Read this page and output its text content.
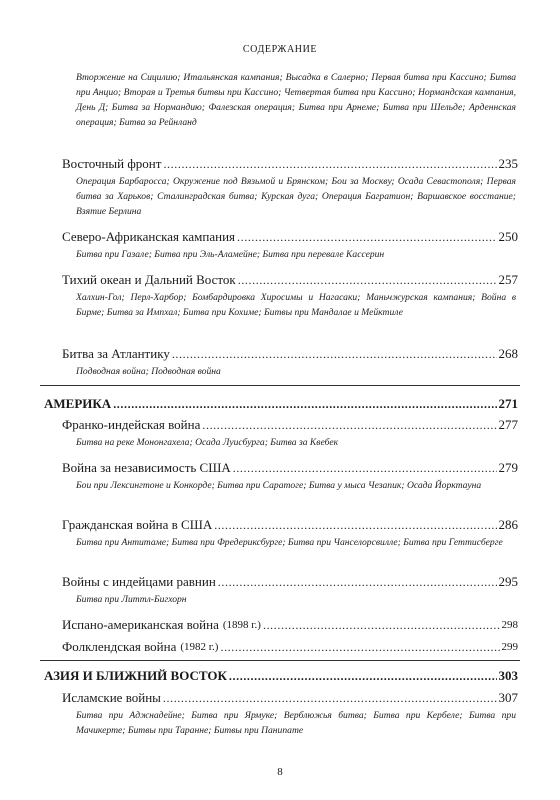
СОДЕРЖАНИЕ
Вторжение на Сицилию; Итальянская кампания; Высадка в Салерно; Первая битва при Кассино; Битва при Анцио; Вторая и Третья битвы при Кассино; Четвертая битва при Кассино; Нормандская кампания, День Д; Битва за Нормандию; Фалезская операция; Битва при Арнеме; Битва при Шельде; Арденнская операция; Битва за Рейнланд
Восточный фронт . . .	235
Операция Барбаросса; Окружение под Вязьмой и Брянском; Бои за Москву; Осада Севастополя; Первая битва за Харьков; Сталинградская битва; Курская дуга; Операция Багратион; Варшавское восстание; Взятие Берлина
Северо-Африканская кампания . . .	250
Битва при Газале; Битва при Эль-Аламейне; Битва при перевале Кассерин
Тихий океан и Дальний Восток . . .	257
Халхин-Гол; Перл-Харбор; Бомбардировка Хиросимы и Нагасаки; Маньчжурская кампания; Война в Бирме; Битва за Импхал; Битва при Кохиме; Битвы при Мандалае и Мейктиле
Битва за Атлантику . . .	268
Подводная война; Подводная война
АМЕРИКА . . .	271
Франко-индейская война . . .	277
Битва на реке Мононгахела; Осада Луисбурга; Битва за Квебек
Война за независимость США . . .	279
Бои при Лексингтоне и Конкорде; Битва при Саратоге; Битва у мыса Чезапик; Осада Йорктауна
Гражданская война в США . . .	286
Битва при Антитаме; Битва при Фредериксбурге; Битва при Чанселорсвилле; Битва при Геттисберге
Войны с индейцами равнин . . .	295
Битва при Литтл-Бигхорн
Испано-американская война (1898 г.) . . .	298
Фолклендская война (1982 г.) . . .	299
АЗИЯ И БЛИЖНИЙ ВОСТОК . . .	303
Исламские войны . . .	307
Битва при Аджнадейне; Битва при Ярмуке; Верблюжья битва; Битва при Кербеле; Битва при Мачикерте; Битвы при Таранне; Битвы при Панипате
8
